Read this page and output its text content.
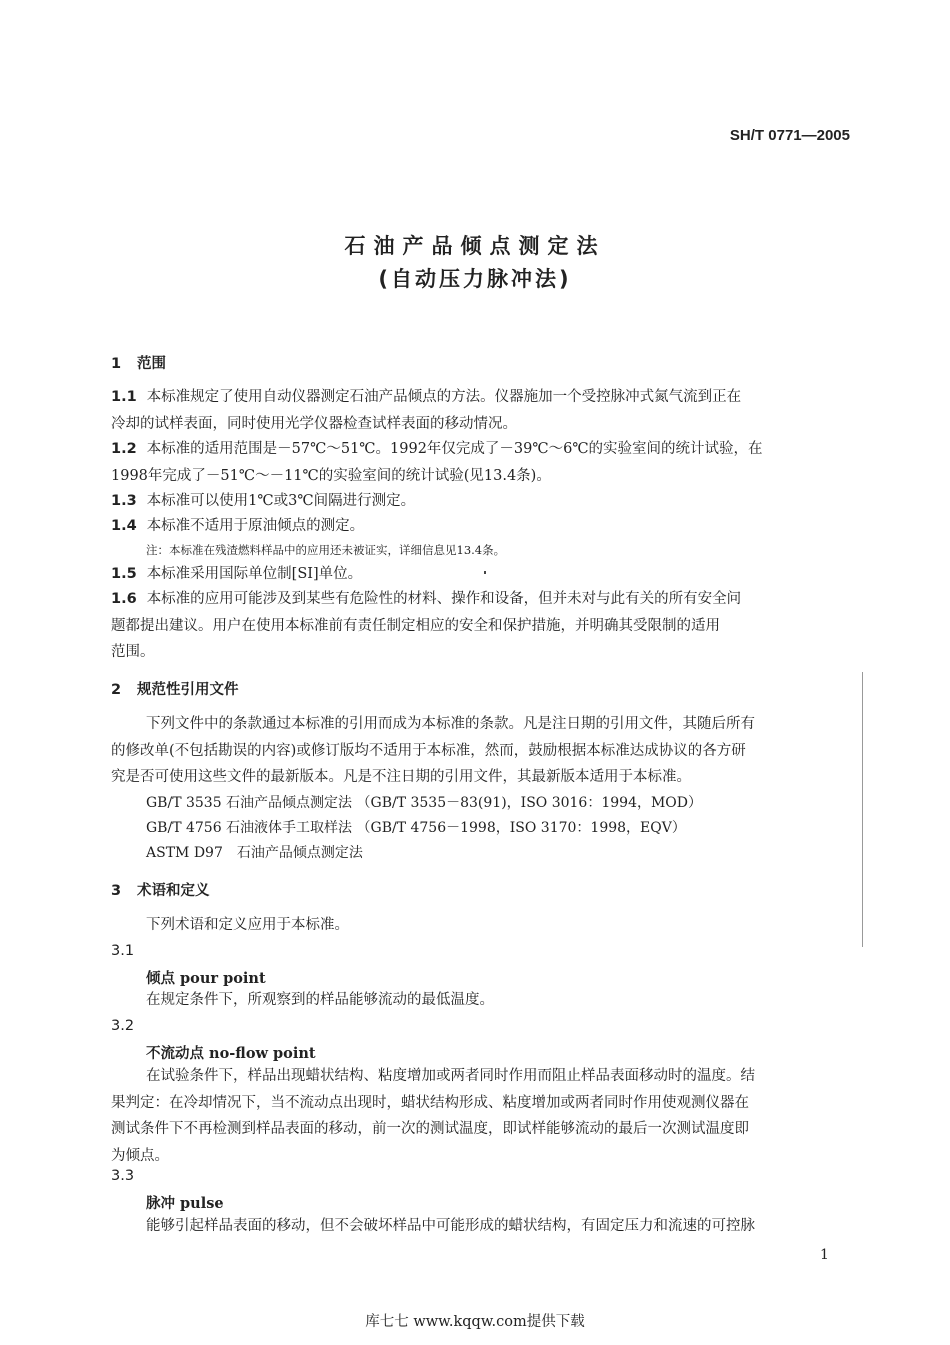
SH/T 0771—2005
石油产品倾点测定法
(自动压力脉冲法)
1 范围
1.1 本标准规定了使用自动仪器测定石油产品倾点的方法。仪器施加一个受控脉冲式氮气流到正在
冷却的试样表面，同时使用光学仪器检查试样表面的移动情况。
1.2 本标准的适用范围是－57℃～51℃。1992年仅完成了－39℃～6℃的实验室间的统计试验，在
1998年完成了－51℃～－11℃的实验室间的统计试验(见13.4条)。
1.3 本标准可以使用1℃或3℃间隔进行测定。
1.4 本标准不适用于原油倾点的测定。
注：本标准在残渣燃料样品中的应用还未被证实，详细信息见13.4条。
1.5 本标准采用国际单位制[SI]单位。
1.6 本标准的应用可能涉及到某些有危险性的材料、操作和设备，但并未对与此有关的所有安全问
题都提出建议。用户在使用本标准前有责任制定相应的安全和保护措施，并明确其受限制的适用
范围。
2 规范性引用文件
下列文件中的条款通过本标准的引用而成为本标准的条款。凡是注日期的引用文件，其随后所有
的修改单(不包括勘误的内容)或修订版均不适用于本标准，然而，鼓励根据本标准达成协议的各方研
究是否可使用这些文件的最新版本。凡是不注日期的引用文件，其最新版本适用于本标准。
GB/T 3535 石油产品倾点测定法 （GB/T 3535－83(91)，ISO 3016：1994，MOD）
GB/T 4756 石油液体手工取样法 （GB/T 4756－1998，ISO 3170：1998，EQV）
ASTM D97　石油产品倾点测定法
3 术语和定义
下列术语和定义应用于本标准。
3.1
倾点 pour point
在规定条件下，所观察到的样品能够流动的最低温度。
3.2
不流动点 no-flow point
在试验条件下，样品出现蜡状结构、粘度增加或两者同时作用而阻止样品表面移动时的温度。结
果判定：在冷却情况下，当不流动点出现时，蜡状结构形成、粘度增加或两者同时作用使观测仪器在
测试条件下不再检测到样品表面的移动，前一次的测试温度，即试样能够流动的最后一次测试温度即
为倾点。
3.3
脉冲 pulse
能够引起样品表面的移动，但不会破坏样品中可能形成的蜡状结构，有固定压力和流速的可控脉
1
库七七 www.kqqw.com提供下载
